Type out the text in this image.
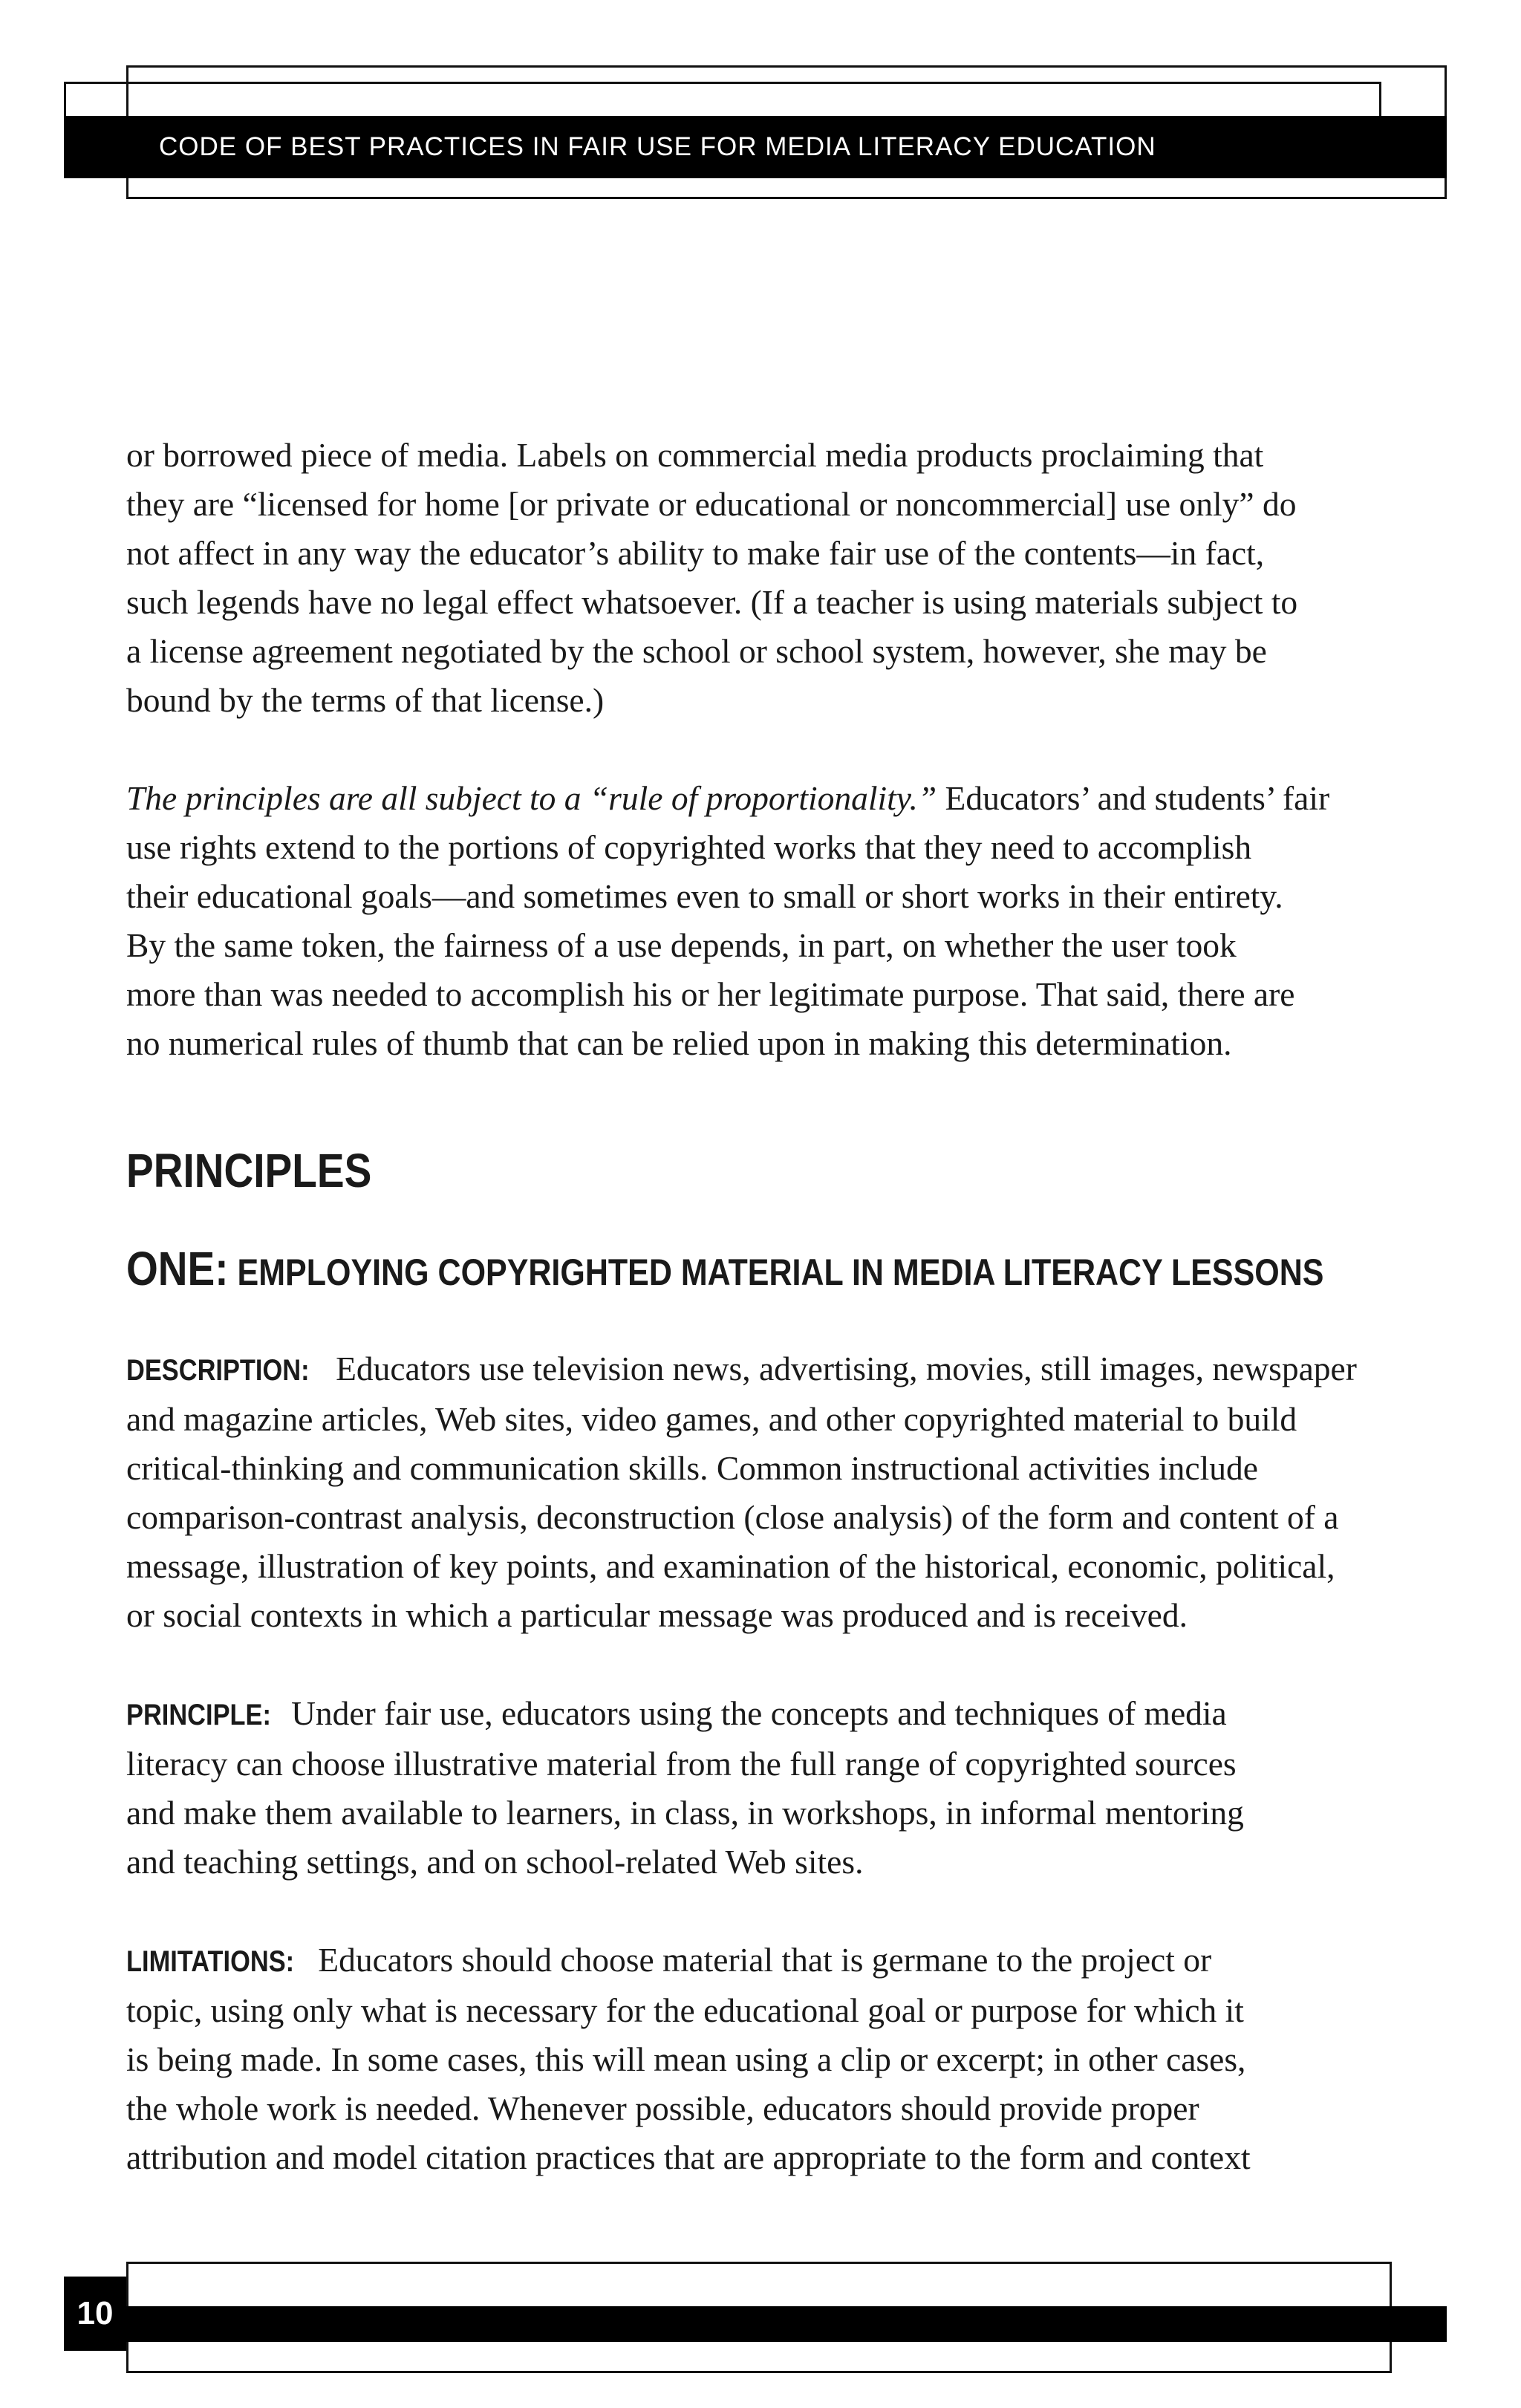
CODE OF BEST PRACTICES IN FAIR USE FOR MEDIA LITERACY EDUCATION

or borrowed piece of media. Labels on commercial media products proclaiming that
they are “licensed for home [or private or educational or noncommercial] use only” do
not affect in any way the educator’s ability to make fair use of the contents—in fact,
such legends have no legal effect whatsoever. (If a teacher is using materials subject to
a license agreement negotiated by the school or school system, however, she may be
bound by the terms of that license.)

The principles are all subject to a “rule of proportionality.” Educators’ and students’ fair
use rights extend to the portions of copyrighted works that they need to accomplish
their educational goals—and sometimes even to small or short works in their entirety.
By the same token, the fairness of a use depends, in part, on whether the user took
more than was needed to accomplish his or her legitimate purpose. That said, there are
no numerical rules of thumb that can be relied upon in making this determination.

PRINCIPLES
ONE: EMPLOYING COPYRIGHTED MATERIAL IN MEDIA LITERACY LESSONS

DESCRIPTION: Educators use television news, advertising, movies, still images, newspaper
and magazine articles, Web sites, video games, and other copyrighted material to build
critical-thinking and communication skills. Common instructional activities include
comparison-contrast analysis, deconstruction (close analysis) of the form and content of a
message, illustration of key points, and examination of the historical, economic, political,
or social contexts in which a particular message was produced and is received.

PRINCIPLE: Under fair use, educators using the concepts and techniques of media
literacy can choose illustrative material from the full range of copyrighted sources
and make them available to learners, in class, in workshops, in informal mentoring
and teaching settings, and on school-related Web sites.

LIMITATIONS: Educators should choose material that is germane to the project or
topic, using only what is necessary for the educational goal or purpose for which it
is being made. In some cases, this will mean using a clip or excerpt; in other cases,
the whole work is needed. Whenever possible, educators should provide proper
attribution and model citation practices that are appropriate to the form and context

10
